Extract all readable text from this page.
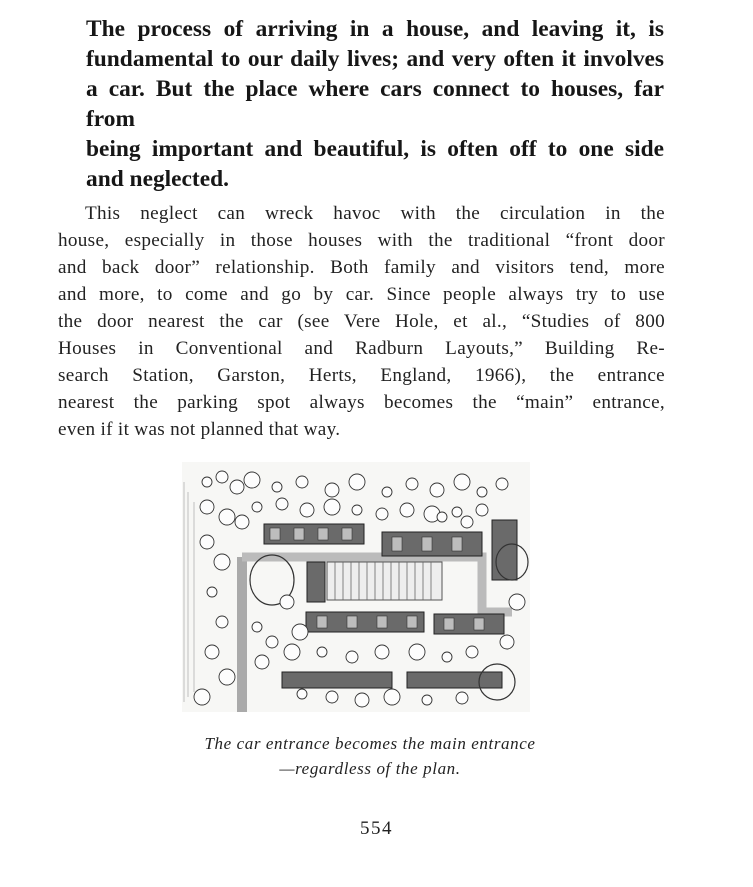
The process of arriving in a house, and leaving it, is
fundamental to our daily lives; and very often it involves
a car. But the place where cars connect to houses, far from
being important and beautiful, is often off to one side
and neglected.
This neglect can wreck havoc with the circulation in the
house, especially in those houses with the traditional “front door
and back door” relationship. Both family and visitors tend, more
and more, to come and go by car. Since people always try to use
the door nearest the car (see Vere Hole, et al., “Studies of 800
Houses in Conventional and Radburn Layouts,” Building Re-
search Station, Garston, Herts, England, 1966), the entrance
nearest the parking spot always becomes the “main” entrance,
even if it was not planned that way.
The car entrance becomes the main entrance
—regardless of the plan.
554
